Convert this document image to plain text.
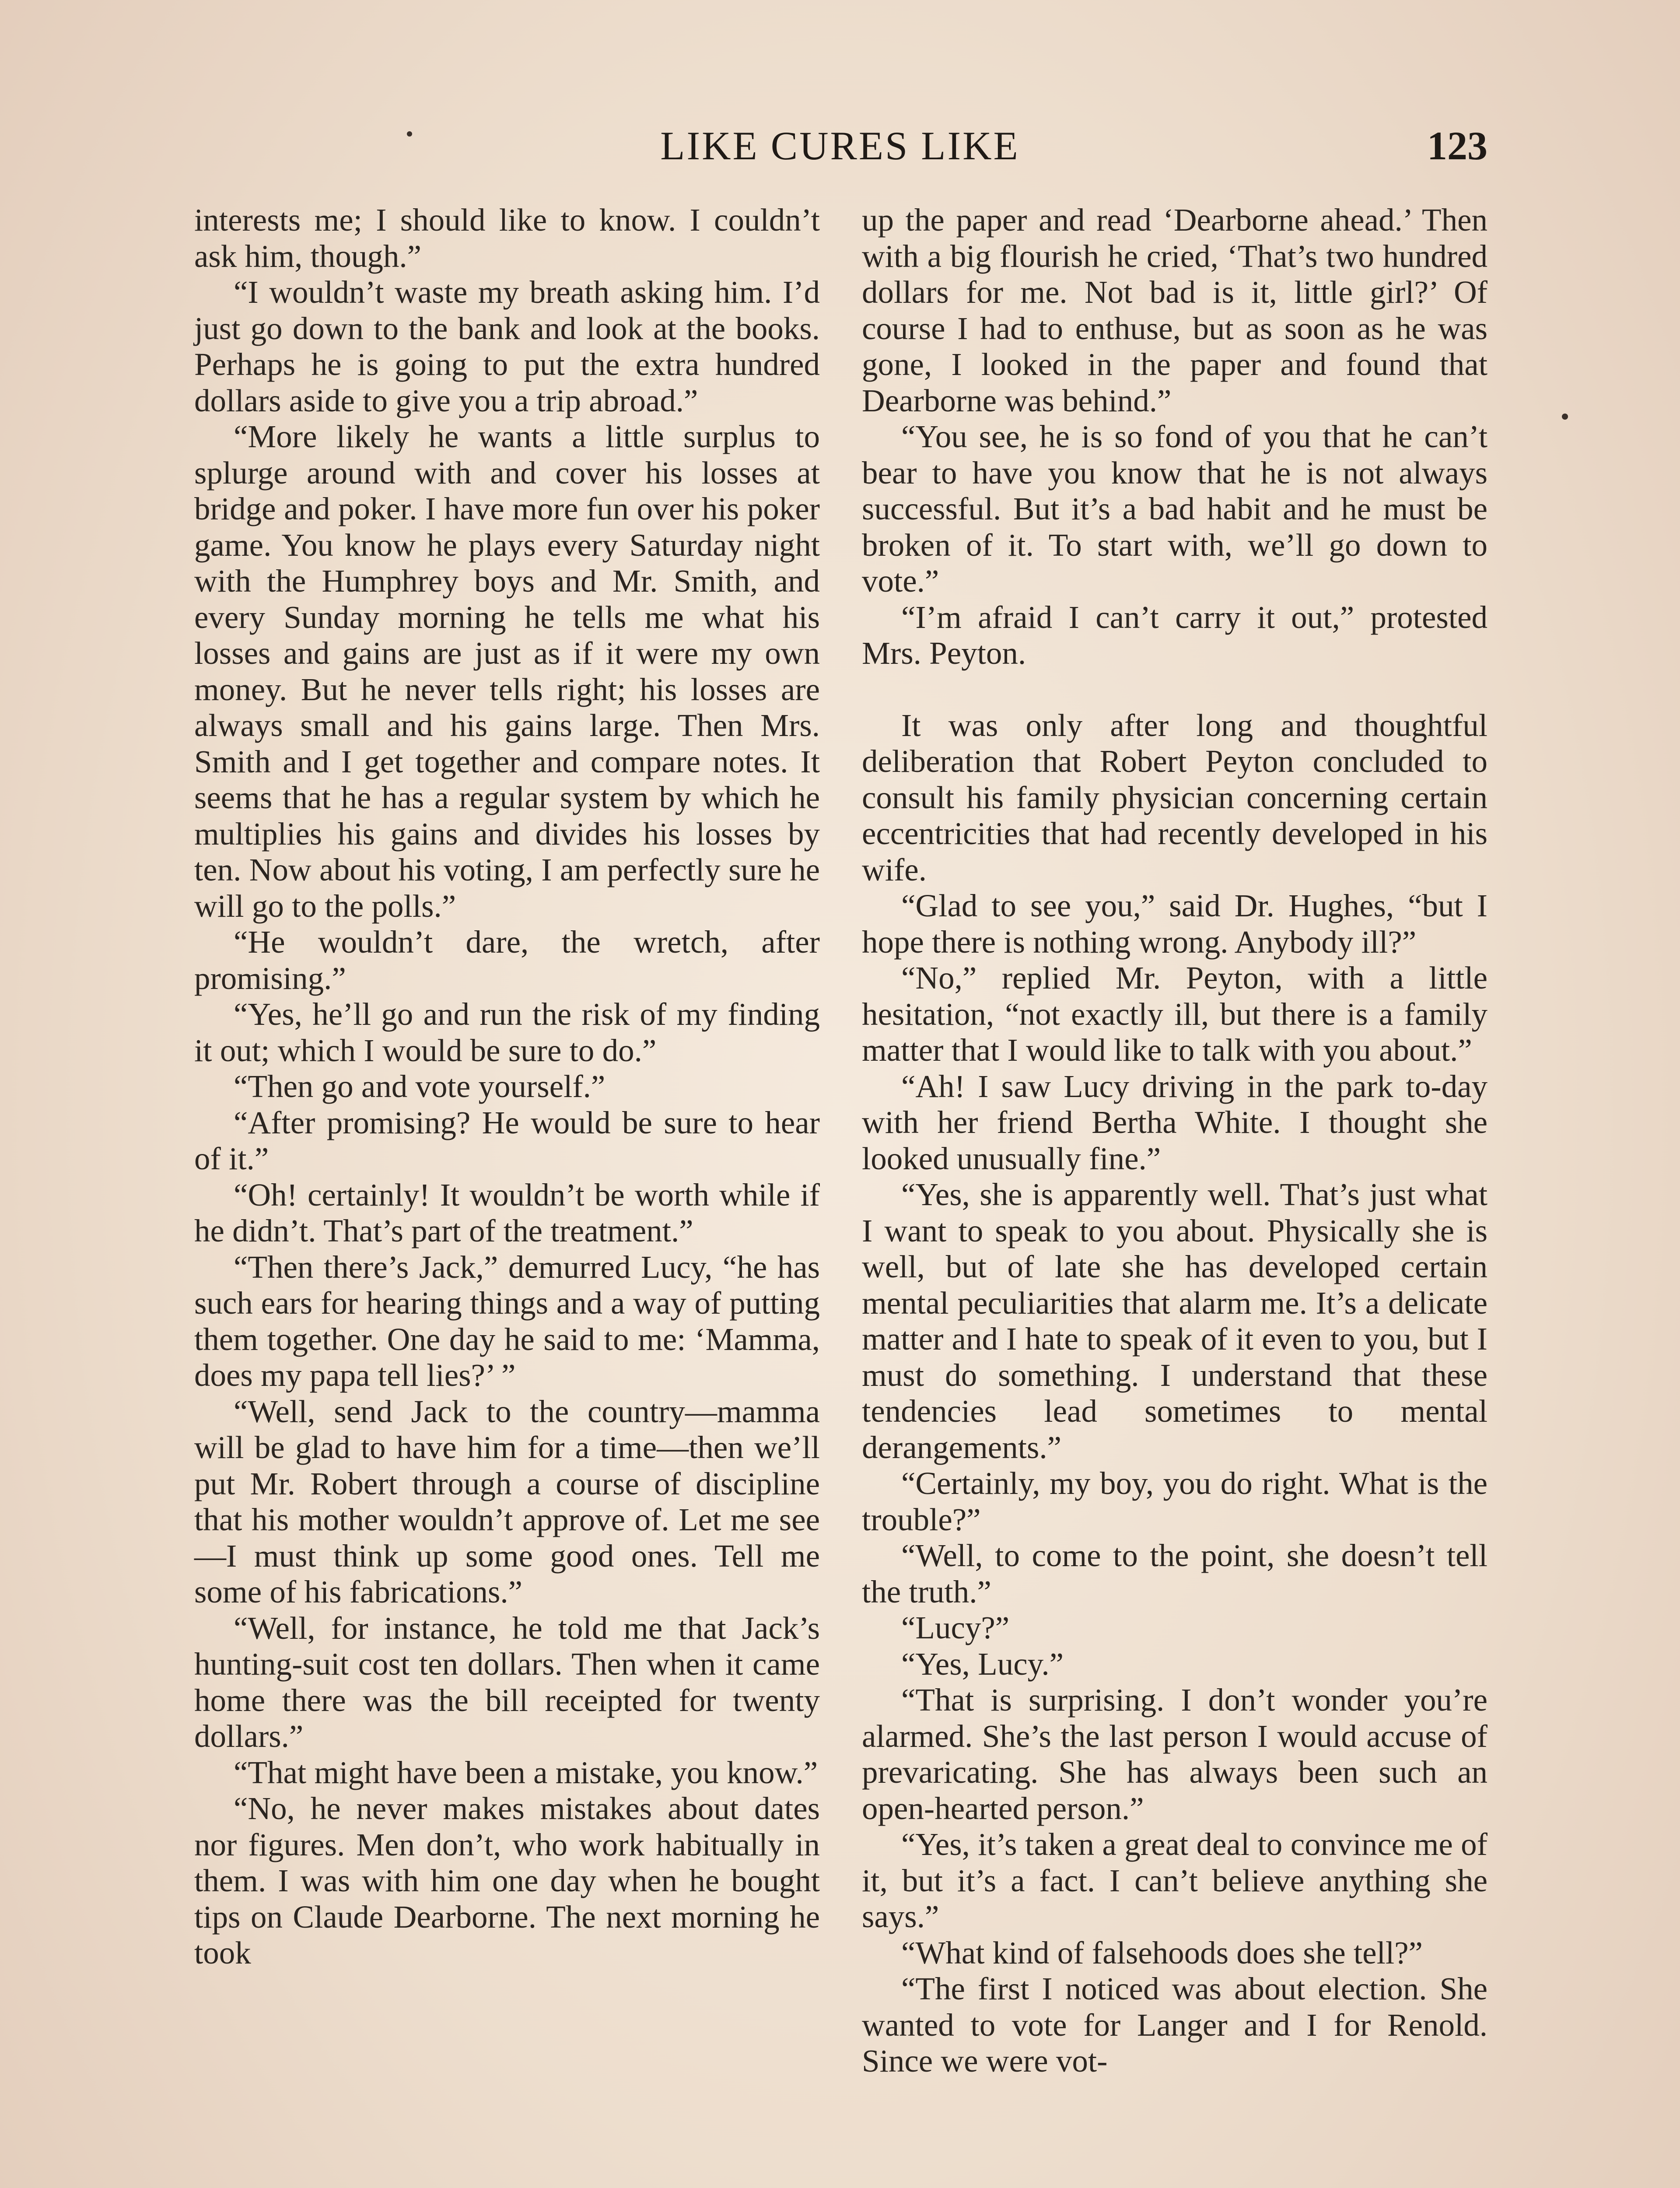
LIKE CURES LIKE	123

interests me; I should like to know. I couldn’t ask him, though.”

“I wouldn’t waste my breath asking him. I’d just go down to the bank and look at the books. Perhaps he is going to put the extra hundred dollars aside to give you a trip abroad.”

“More likely he wants a little surplus to splurge around with and cover his losses at bridge and poker. I have more fun over his poker game. You know he plays every Saturday night with the Humphrey boys and Mr. Smith, and every Sunday morning he tells me what his losses and gains are just as if it were my own money. But he never tells right; his losses are always small and his gains large. Then Mrs. Smith and I get together and compare notes. It seems that he has a regular system by which he multiplies his gains and divides his losses by ten. Now about his voting, I am perfectly sure he will go to the polls.”

“He wouldn’t dare, the wretch, after promising.”

“Yes, he’ll go and run the risk of my finding it out; which I would be sure to do.”

“Then go and vote yourself.”

“After promising? He would be sure to hear of it.”

“Oh! certainly! It wouldn’t be worth while if he didn’t. That’s part of the treatment.”

“Then there’s Jack,” demurred Lucy, “he has such ears for hearing things and a way of putting them together. One day he said to me: ‘Mamma, does my papa tell lies?’ ”

“Well, send Jack to the country—mamma will be glad to have him for a time—then we’ll put Mr. Robert through a course of discipline that his mother wouldn’t approve of. Let me see—I must think up some good ones. Tell me some of his fabrications.”

“Well, for instance, he told me that Jack’s hunting-suit cost ten dollars. Then when it came home there was the bill receipted for twenty dollars.”

“That might have been a mistake, you know.”

“No, he never makes mistakes about dates nor figures. Men don’t, who work habitually in them. I was with him one day when he bought tips on Claude Dearborne. The next morning he took

up the paper and read ‘Dearborne ahead.’ Then with a big flourish he cried, ‘That’s two hundred dollars for me. Not bad is it, little girl?’ Of course I had to enthuse, but as soon as he was gone, I looked in the paper and found that Dearborne was behind.”

“You see, he is so fond of you that he can’t bear to have you know that he is not always successful. But it’s a bad habit and he must be broken of it. To start with, we’ll go down to vote.”

“I’m afraid I can’t carry it out,” protested Mrs. Peyton.

It was only after long and thoughtful deliberation that Robert Peyton concluded to consult his family physician concerning certain eccentricities that had recently developed in his wife.

“Glad to see you,” said Dr. Hughes, “but I hope there is nothing wrong. Anybody ill?”

“No,” replied Mr. Peyton, with a little hesitation, “not exactly ill, but there is a family matter that I would like to talk with you about.”

“Ah! I saw Lucy driving in the park to-day with her friend Bertha White. I thought she looked unusually fine.”

“Yes, she is apparently well. That’s just what I want to speak to you about. Physically she is well, but of late she has developed certain mental peculiarities that alarm me. It’s a delicate matter and I hate to speak of it even to you, but I must do something. I understand that these tendencies lead sometimes to mental derangements.”

“Certainly, my boy, you do right. What is the trouble?”

“Well, to come to the point, she doesn’t tell the truth.”

“Lucy?”

“Yes, Lucy.”

“That is surprising. I don’t wonder you’re alarmed. She’s the last person I would accuse of prevaricating. She has always been such an open-hearted person.”

“Yes, it’s taken a great deal to convince me of it, but it’s a fact. I can’t believe anything she says.”

“What kind of falsehoods does she tell?”

“The first I noticed was about election. She wanted to vote for Langer and I for Renold. Since we were vot-
